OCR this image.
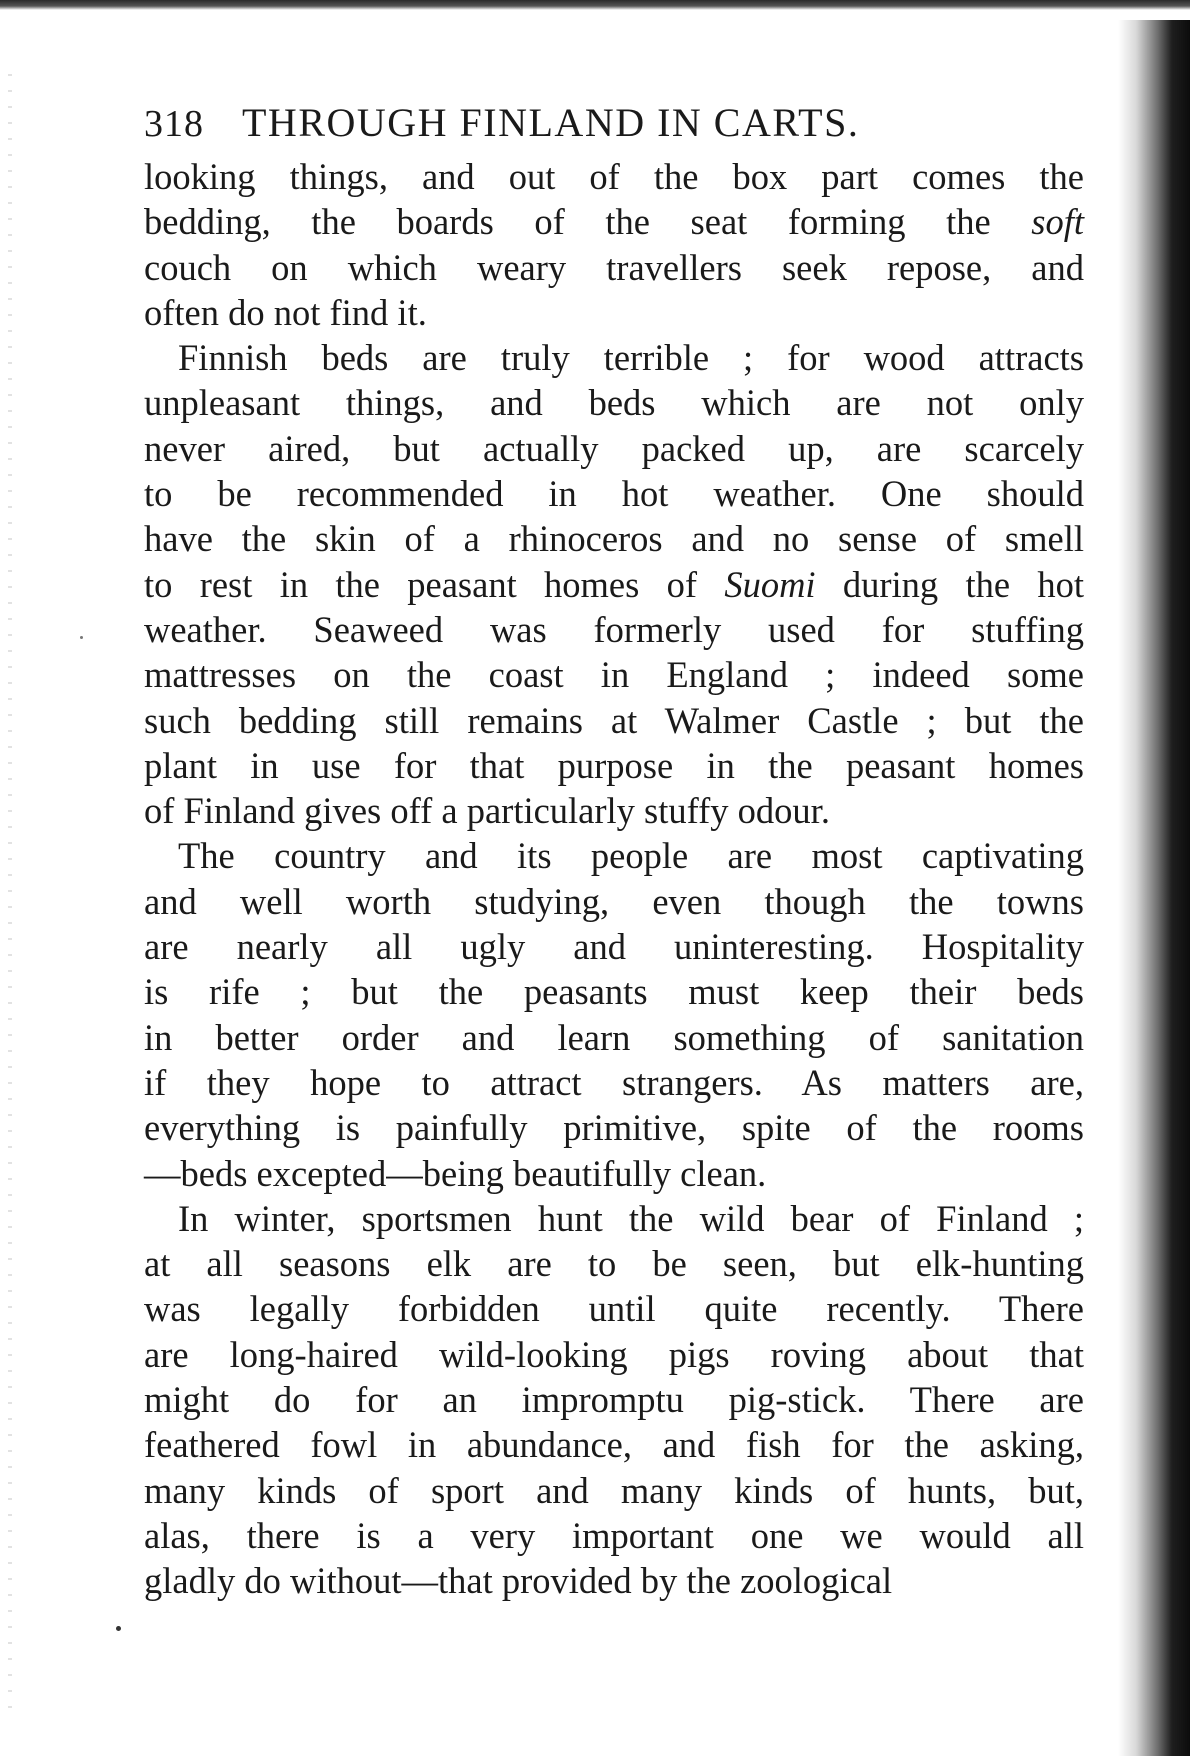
318 THROUGH FINLAND IN CARTS.

looking things, and out of the box part comes the

bedding, the boards of the seat forming the soft

couch on which weary travellers seek repose, and

often do not find it.

Finnish beds are truly terrible ; for wood attracts

unpleasant things, and beds which are not only

never aired, but actually packed up, are scarcely

to be recommended in hot weather. One should

have the skin of a rhinoceros and no sense of smell

to rest in the peasant homes of Suomi during the hot

weather. Seaweed was formerly used for stuffing

mattresses on the coast in England ; indeed some

such bedding still remains at Walmer Castle ; but the

plant in use for that purpose in the peasant homes

of Finland gives off a particularly stuffy odour.

The country and its people are most captivating

and well worth studying, even though the towns

are nearly all ugly and uninteresting. Hospitality

is rife ; but the peasants must keep their beds

in better order and learn something of sanitation

if they hope to attract strangers. As matters are,

everything is painfully primitive, spite of the rooms

—beds excepted—being beautifully clean.

In winter, sportsmen hunt the wild bear of Finland ;

at all seasons elk are to be seen, but elk-hunting

was legally forbidden until quite recently. There

are long-haired wild-looking pigs roving about that

might do for an impromptu pig-stick. There are

feathered fowl in abundance, and fish for the asking,

many kinds of sport and many kinds of hunts, but,

alas, there is a very important one we would all

gladly do without—that provided by the zoological
